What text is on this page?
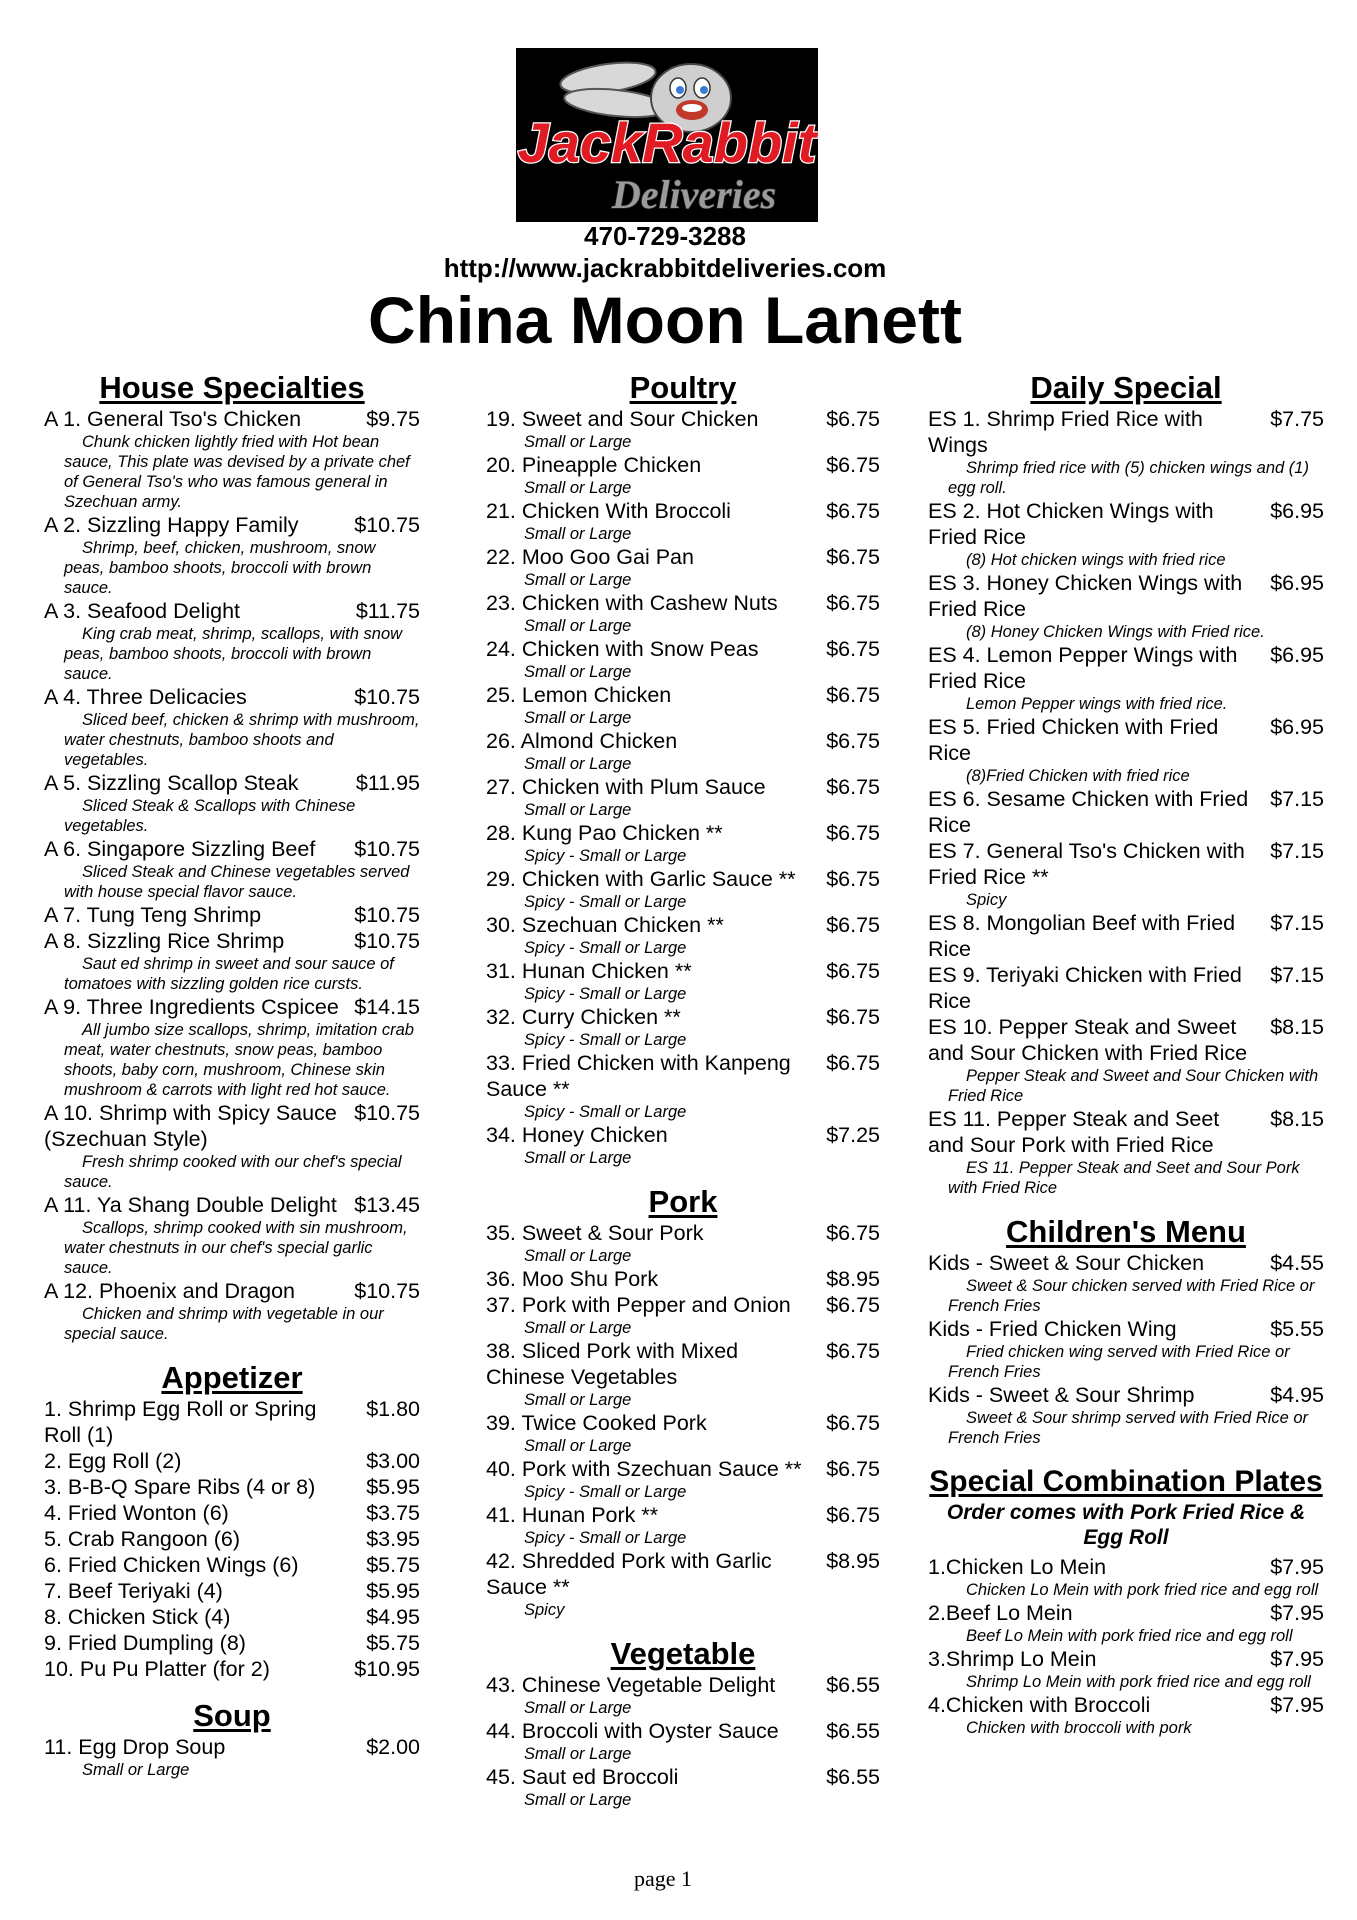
JackRabbit
Deliveries
470-729-3288
http://www.jackrabbitdeliveries.com
China Moon Lanett
House Specialties
A 1. General Tso's Chicken	$9.75
Chunk chicken lightly fried with Hot bean sauce, This plate was devised by a private chef of General Tso's who was famous general in Szechuan army.
A 2. Sizzling Happy Family	$10.75
Shrimp, beef, chicken, mushroom, snow peas, bamboo shoots, broccoli with brown sauce.
A 3. Seafood Delight	$11.75
King crab meat, shrimp, scallops, with snow peas, bamboo shoots, broccoli with brown sauce.
A 4. Three Delicacies	$10.75
Sliced beef, chicken & shrimp with mushroom, water chestnuts, bamboo shoots and vegetables.
A 5. Sizzling Scallop Steak	$11.95
Sliced Steak & Scallops with Chinese vegetables.
A 6. Singapore Sizzling Beef	$10.75
Sliced Steak and Chinese vegetables served with house special flavor sauce.
A 7. Tung Teng Shrimp	$10.75
A 8. Sizzling Rice Shrimp	$10.75
Saut ed shrimp in sweet and sour sauce of tomatoes with sizzling golden rice cursts.
A 9. Three Ingredients Cspicee $14.15
All jumbo size scallops, shrimp, imitation crab meat, water chestnuts, snow peas, bamboo shoots, baby corn, mushroom, Chinese skin mushroom & carrots with light red hot sauce.
A 10. Shrimp with Spicy Sauce (Szechuan Style)
$10.75
Fresh shrimp cooked with our chef's special sauce.
A 11. Ya Shang Double Delight $13.45
Scallops, shrimp cooked with sin mushroom, water chestnuts in our chef's special garlic sauce.
A 12. Phoenix and Dragon	$10.75
Chicken and shrimp with vegetable in our special sauce.
Appetizer
1. Shrimp Egg Roll or Spring Roll (1)
$1.80
2. Egg Roll (2)	$3.00
3. B-B-Q Spare Ribs (4 or 8)	$5.95
4. Fried Wonton (6)	$3.75
5. Crab Rangoon (6)	$3.95
6. Fried Chicken Wings (6)	$5.75
7. Beef Teriyaki (4)	$5.95
8. Chicken Stick (4)	$4.95
9. Fried Dumpling (8)	$5.75
10. Pu Pu Platter (for 2)	$10.95
Soup
11. Egg Drop Soup	$2.00
Small or Large
Poultry
19. Sweet and Sour Chicken	$6.75
Small or Large
20. Pineapple Chicken	$6.75
Small or Large
21. Chicken With Broccoli	$6.75
Small or Large
22. Moo Goo Gai Pan	$6.75
Small or Large
23. Chicken with Cashew Nuts	$6.75
Small or Large
24. Chicken with Snow Peas	$6.75
Small or Large
25. Lemon Chicken	$6.75
Small or Large
26. Almond Chicken	$6.75
Small or Large
27. Chicken with Plum Sauce	$6.75
Small or Large
28. Kung Pao Chicken **	$6.75
Spicy - Small or Large
29. Chicken with Garlic Sauce **	$6.75
Spicy - Small or Large
30. Szechuan Chicken **	$6.75
Spicy - Small or Large
31. Hunan Chicken **	$6.75
Spicy - Small or Large
32. Curry Chicken **	$6.75
Spicy - Small or Large
33. Fried Chicken with Kanpeng Sauce **
$6.75
Spicy - Small or Large
34. Honey Chicken	$7.25
Small or Large
Pork
35. Sweet & Sour Pork	$6.75
Small or Large
36. Moo Shu Pork	$8.95
37. Pork with Pepper and Onion	$6.75
Small or Large
38. Sliced Pork with Mixed Chinese Vegetables
$6.75
Small or Large
39. Twice Cooked Pork	$6.75
Small or Large
40. Pork with Szechuan Sauce **	$6.75
Spicy - Small or Large
41. Hunan Pork **	$6.75
Spicy - Small or Large
42. Shredded Pork with Garlic Sauce **
$8.95
Spicy
Vegetable
43. Chinese Vegetable Delight	$6.55
Small or Large
44. Broccoli with Oyster Sauce	$6.55
Small or Large
45. Saut ed Broccoli	$6.55
Small or Large
Daily Special
ES 1. Shrimp Fried Rice with Wings
$7.75
Shrimp fried rice with (5) chicken wings and (1) egg roll.
ES 2. Hot Chicken Wings with Fried Rice
$6.95
(8) Hot chicken wings with fried rice
ES 3. Honey Chicken Wings with Fried Rice
$6.95
(8) Honey Chicken Wings with Fried rice.
ES 4. Lemon Pepper Wings with Fried Rice
$6.95
Lemon Pepper wings with fried rice.
ES 5. Fried Chicken with Fried Rice
$6.95
(8)Fried Chicken with fried rice
ES 6. Sesame Chicken with Fried Rice
$7.15
ES 7. General Tso's Chicken with Fried Rice **
$7.15
Spicy
ES 8. Mongolian Beef with Fried Rice
$7.15
ES 9. Teriyaki Chicken with Fried Rice
$7.15
ES 10. Pepper Steak and Sweet and Sour Chicken with Fried Rice
$8.15
Pepper Steak and Sweet and Sour Chicken with Fried Rice
ES 11. Pepper Steak and Seet and Sour Pork with Fried Rice
$8.15
ES 11. Pepper Steak and Seet and Sour Pork with Fried Rice
Children's Menu
Kids - Sweet & Sour Chicken	$4.55
Sweet & Sour chicken served with Fried Rice or French Fries
Kids - Fried Chicken Wing	$5.55
Fried chicken wing served with Fried Rice or French Fries
Kids - Sweet & Sour Shrimp	$4.95
Sweet & Sour shrimp served with Fried Rice or French Fries
Special Combination Plates
Order comes with Pork Fried Rice & Egg Roll
1.Chicken Lo Mein	$7.95
Chicken Lo Mein with pork fried rice and egg roll
2.Beef Lo Mein	$7.95
Beef Lo Mein with pork fried rice and egg roll
3.Shrimp Lo Mein	$7.95
Shrimp Lo Mein with pork fried rice and egg roll
4.Chicken with Broccoli	$7.95
Chicken with broccoli with pork
page 1
